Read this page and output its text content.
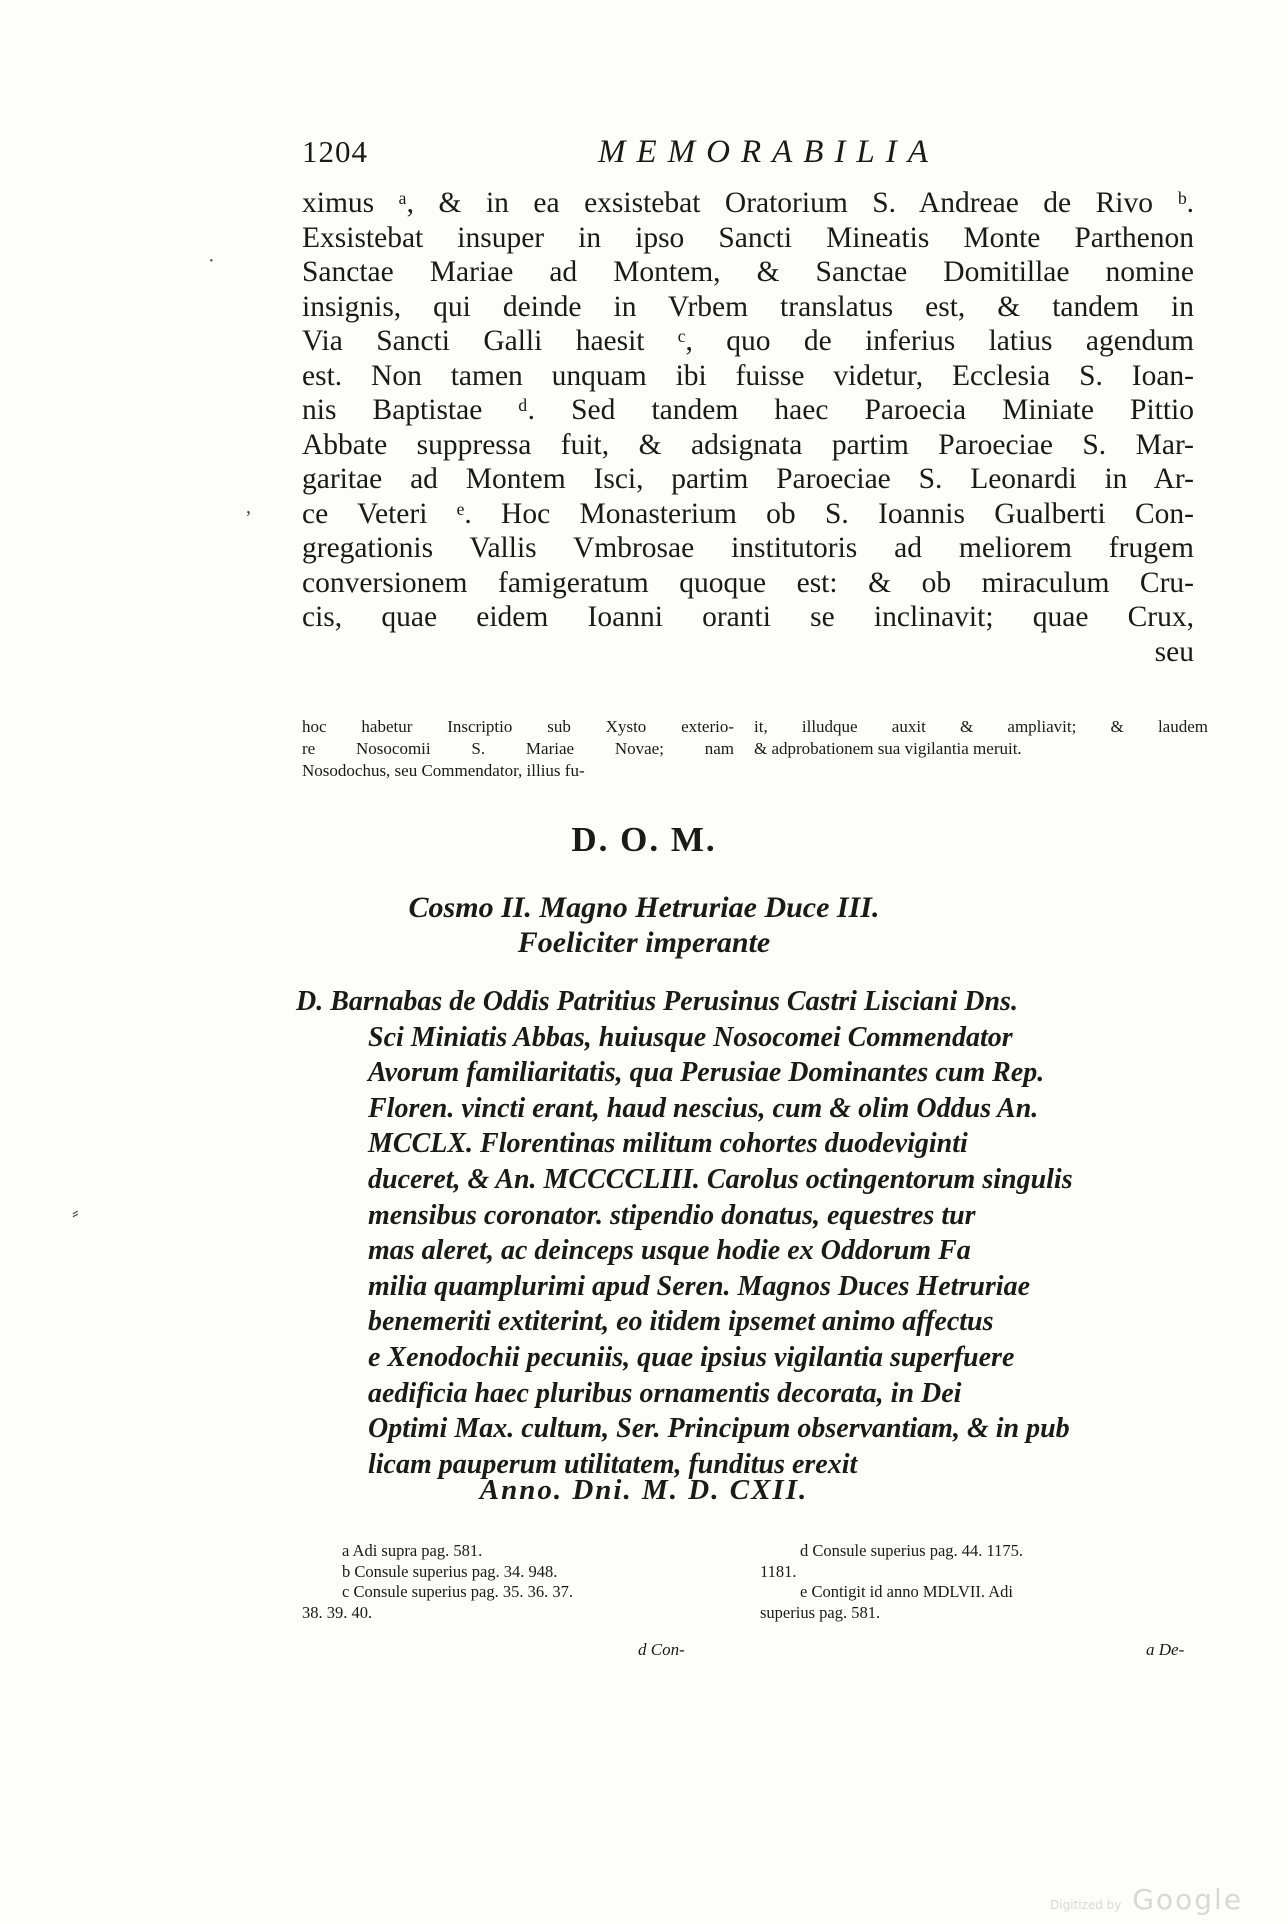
1204	MEMORABILIA
ximus ᵃ, & in ea exsistebat Oratorium S. Andreae de Rivo ᵇ.
Exsistebat insuper in ipso Sancti Mineatis Monte Parthenon
Sanctae Mariae ad Montem, & Sanctae Domitillae nomine
insignis, qui deinde in Vrbem translatus est, & tandem in
Via Sancti Galli haesit ᶜ, quo de inferius latius agendum
est. Non tamen unquam ibi fuisse videtur, Ecclesia S. Ioan-
nis Baptistae ᵈ. Sed tandem haec Paroecia Miniate Pittio
Abbate suppressa fuit, & adsignata partim Paroeciae S. Mar-
garitae ad Montem Isci, partim Paroeciae S. Leonardi in Ar-
ce Veteri ᵉ. Hoc Monasterium ob S. Ioannis Gualberti Con-
gregationis Vallis Vmbrosae institutoris ad meliorem frugem
conversionem famigeratum quoque est: & ob miraculum Cru-
cis, quae eidem Ioanni oranti se inclinavit; quae Crux,
seu
hoc habetur Inscriptio sub Xysto exterio-
re Nosocomii S. Mariae Novae; nam
Nosodochus, seu Commendator, illius fu-
it, illudque auxit & ampliavit; & laudem
& adprobationem sua vigilantia meruit.
D. O. M.
Cosmo II. Magno Hetruriae Duce III.
Foeliciter imperante
D. Barnabas de Oddis Patritius Perusinus Castri Lisciani Dns.
Sci Miniatis Abbas, huiusque Nosocomei Commendator
Avorum familiaritatis, qua Perusiae Dominantes cum Rep.
Floren. vincti erant, haud nescius, cum & olim Oddus An.
MCCLX. Florentinas militum cohortes duodeviginti
duceret, & An. MCCCCLIII. Carolus octingentorum singulis
mensibus coronator. stipendio donatus, equestres tur
mas aleret, ac deinceps usque hodie ex Oddorum Fa
milia quamplurimi apud Seren. Magnos Duces Hetruriae
benemeriti extiterint, eo itidem ipsemet animo affectus
e Xenodochii pecuniis, quae ipsius vigilantia superfuere
aedificia haec pluribus ornamentis decorata, in Dei
Optimi Max. cultum, Ser. Principum observantiam, & in pub
licam pauperum utilitatem, funditus erexit
Anno. Dni. M. D. CXII.
a Adi supra pag. 581.
b Consule superius pag. 34. 948.
c Consule superius pag. 35. 36. 37.
38. 39. 40.
d Consule superius pag. 44. 1175.
1181.
e Contigit id anno MDLVII. Adi
superius pag. 581.
d Con-	a De-
·
,
⸗
Digitized by Google
